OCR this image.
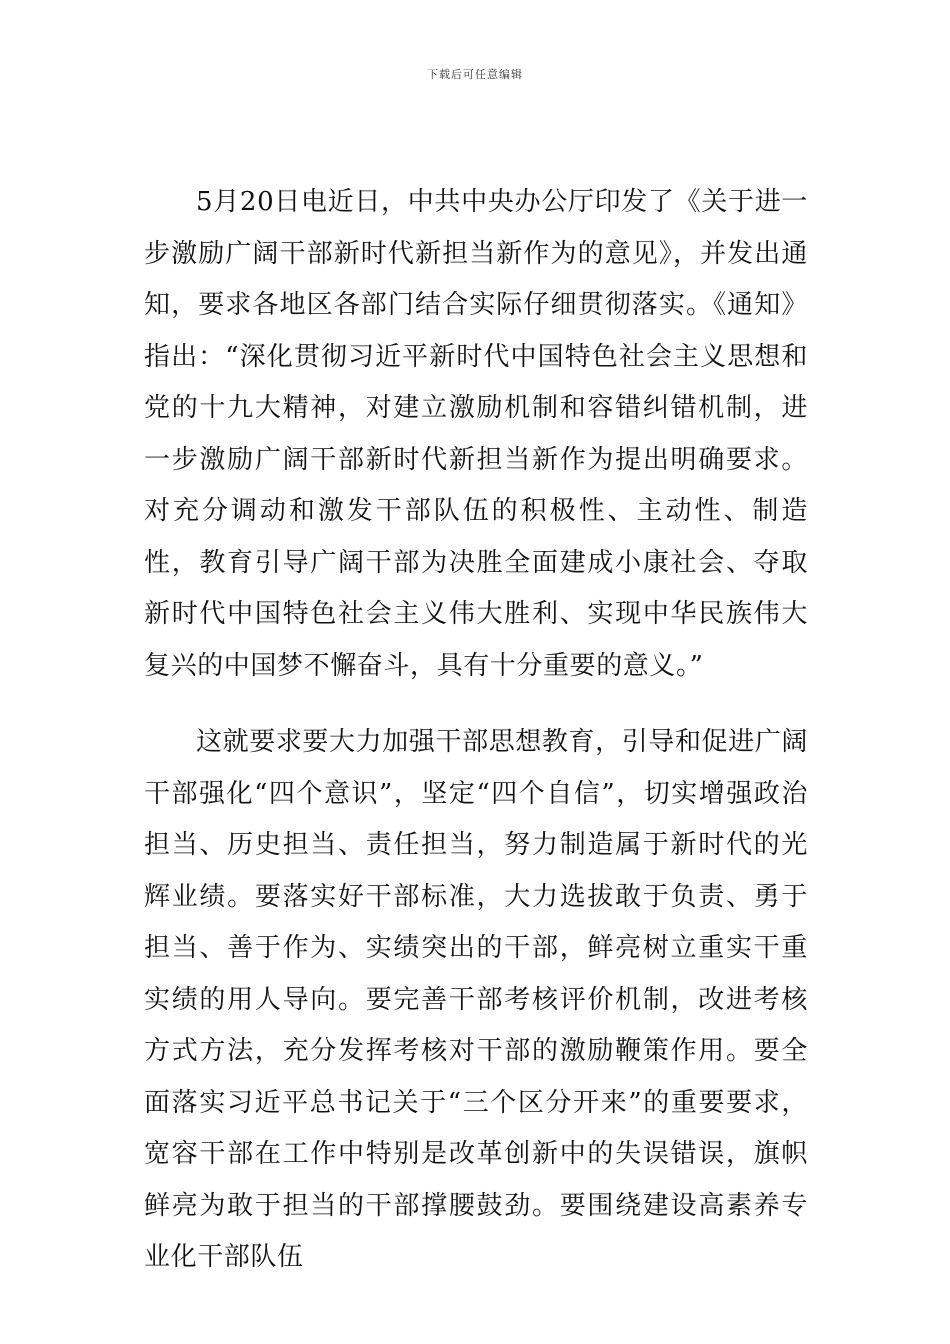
下载后可任意编辑

5月20日电近日，中共中央办公厅印发了《关于进一步激励广阔干部新时代新担当新作为的意见》，并发出通知，要求各地区各部门结合实际仔细贯彻落实。《通知》指出：“深化贯彻习近平新时代中国特色社会主义思想和党的十九大精神，对建立激励机制和容错纠错机制，进一步激励广阔干部新时代新担当新作为提出明确要求。对充分调动和激发干部队伍的积极性、主动性、制造性，教育引导广阔干部为决胜全面建成小康社会、夺取新时代中国特色社会主义伟大胜利、实现中华民族伟大复兴的中国梦不懈奋斗，具有十分重要的意义。”

这就要求要大力加强干部思想教育，引导和促进广阔干部强化“四个意识”，坚定“四个自信”，切实增强政治担当、历史担当、责任担当，努力制造属于新时代的光辉业绩。要落实好干部标准，大力选拔敢于负责、勇于担当、善于作为、实绩突出的干部，鲜亮树立重实干重实绩的用人导向。要完善干部考核评价机制，改进考核方式方法，充分发挥考核对干部的激励鞭策作用。要全面落实习近平总书记关于“三个区分开来”的重要要求，宽容干部在工作中特别是改革创新中的失误错误，旗帜鲜亮为敢于担当的干部撑腰鼓劲。要围绕建设高素养专业化干部队伍
